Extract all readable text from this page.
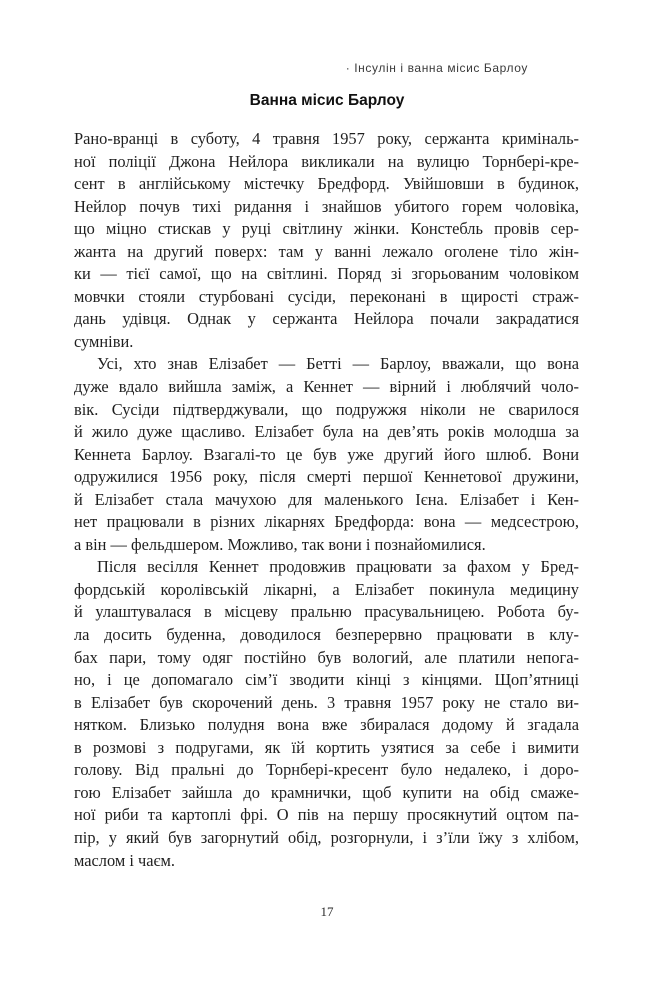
· Інсулін і ванна місис Барлоу
Ванна місис Барлоу
Рано-вранці в суботу, 4 травня 1957 року, сержанта криміналь-
ної поліції Джона Нейлора викликали на вулицю Торнбері-кре-
сент в англійському містечку Бредфорд. Увійшовши в будинок,
Нейлор почув тихі ридання і знайшов убитого горем чоловіка,
що міцно стискав у руці світлину жінки. Констебль провів сер-
жанта на другий поверх: там у ванні лежало оголене тіло жін-
ки — тієї самої, що на світлині. Поряд зі згорьованим чоловіком
мовчки стояли стурбовані сусіди, переконані в щирості страж-
дань удівця. Однак у сержанта Нейлора почали закрадатися
сумніви.
Усі, хто знав Елізабет — Бетті — Барлоу, вважали, що вона
дуже вдало вийшла заміж, а Кеннет — вірний і люблячий чоло-
вік. Сусіди підтверджували, що подружжя ніколи не сварилося
й жило дуже щасливо. Елізабет була на дев’ять років молодша за
Кеннета Барлоу. Взагалі-то це був уже другий його шлюб. Вони
одружилися 1956 року, після смерті першої Кеннетової дружини,
й Елізабет стала мачухою для маленького Ієна. Елізабет і Кен-
нет працювали в різних лікарнях Бредфорда: вона — медсестрою,
а він — фельдшером. Можливо, так вони і познайомилися.
Після весілля Кеннет продовжив працювати за фахом у Бред-
фордській королівській лікарні, а Елізабет покинула медицину
й улаштувалася в місцеву пральню прасувальницею. Робота бу-
ла досить буденна, доводилося безперервно працювати в клу-
бах пари, тому одяг постійно був вологий, але платили непога-
но, і це допомагало сім’ї зводити кінці з кінцями. Щоп’ятниці
в Елізабет був скорочений день. 3 травня 1957 року не стало ви-
нятком. Близько полудня вона вже збиралася додому й згадала
в розмові з подругами, як їй кортить узятися за себе і вимити
голову. Від пральні до Торнбері-кресент було недалеко, і доро-
гою Елізабет зайшла до крамнички, щоб купити на обід смаже-
ної риби та картоплі фрі. О пів на першу просякнутий оцтом па-
пір, у який був загорнутий обід, розгорнули, і з’їли їжу з хлібом,
маслом і чаєм.
17
